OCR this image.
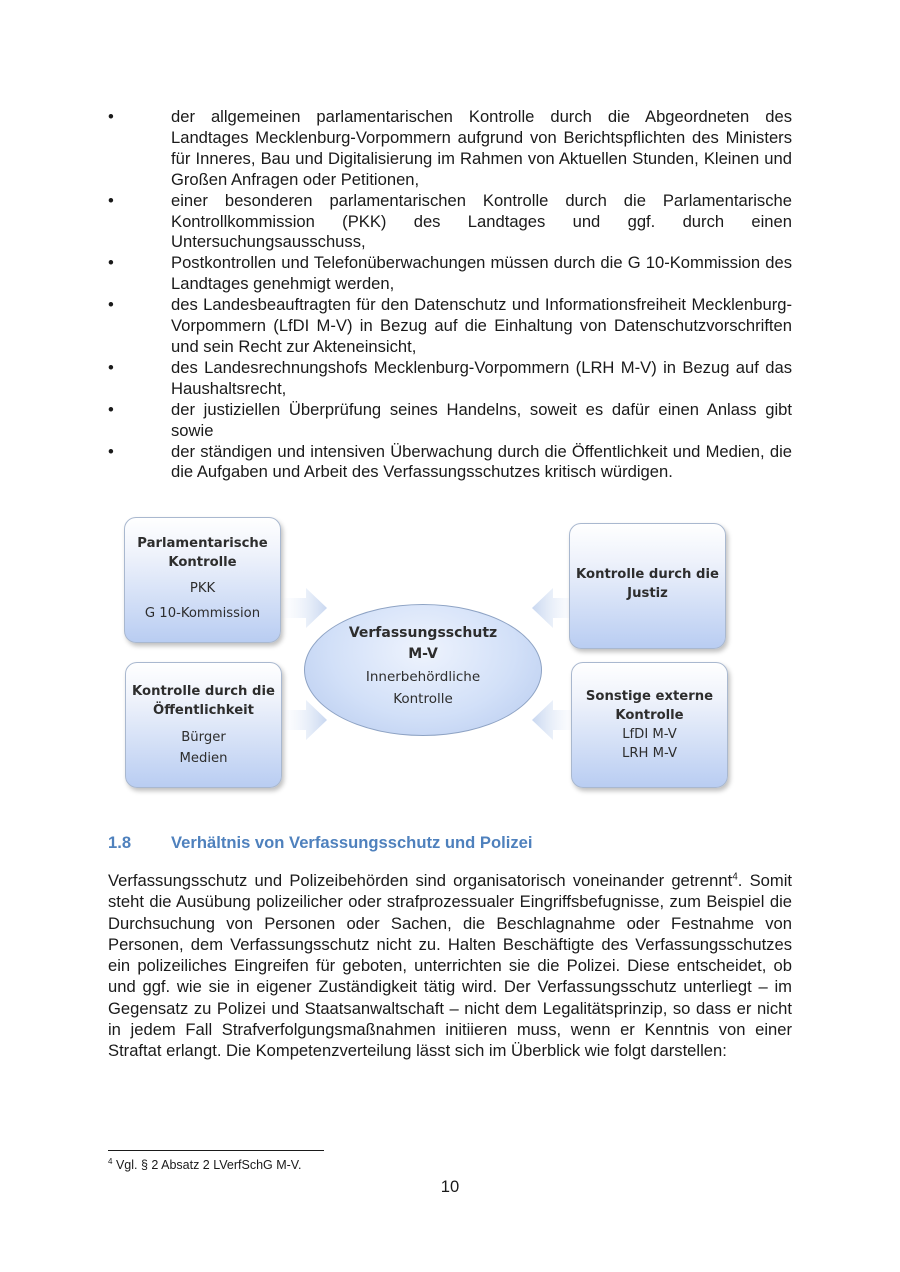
•	der allgemeinen parlamentarischen Kontrolle durch die Abgeordneten des Landtages Mecklenburg-Vorpommern aufgrund von Berichtspflichten des Ministers für Inneres, Bau und Digitalisierung im Rahmen von Aktuellen Stunden, Kleinen und Großen Anfragen oder Petitionen,
•	einer besonderen parlamentarischen Kontrolle durch die Parlamentarische Kontrollkommission (PKK) des Landtages und ggf. durch einen Untersuchungsausschuss,
•	Postkontrollen und Telefonüberwachungen müssen durch die G 10-Kommission des Landtages genehmigt werden,
•	des Landesbeauftragten für den Datenschutz und Informationsfreiheit Mecklenburg-Vorpommern (LfDI M-V) in Bezug auf die Einhaltung von Datenschutzvorschriften und sein Recht zur Akteneinsicht,
•	des Landesrechnungshofs Mecklenburg-Vorpommern (LRH M-V) in Bezug auf das Haushaltsrecht,
•	der justiziellen Überprüfung seines Handelns, soweit es dafür einen Anlass gibt sowie
•	der ständigen und intensiven Überwachung durch die Öffentlichkeit und Medien, die die Aufgaben und Arbeit des Verfassungsschutzes kritisch würdigen.
Parlamentarische
Kontrolle
PKK
G 10-Kommission
Kontrolle durch die
Justiz
Verfassungsschutz
M-V
Innerbehördliche
Kontrolle
Kontrolle durch die
Öffentlichkeit
Bürger
Medien
Sonstige externe
Kontrolle
LfDI M-V
LRH M-V
1.8 Verhältnis von Verfassungsschutz und Polizei

Verfassungsschutz und Polizeibehörden sind organisatorisch voneinander getrennt$^4$. Somit steht die Ausübung polizeilicher oder strafprozessualer Eingriffsbefugnisse, zum Beispiel die Durchsuchung von Personen oder Sachen, die Beschlagnahme oder Festnahme von Personen, dem Verfassungsschutz nicht zu. Halten Beschäftigte des Verfassungsschutzes ein polizeiliches Eingreifen für geboten, unterrichten sie die Polizei. Diese entscheidet, ob und ggf. wie sie in eigener Zuständigkeit tätig wird. Der Verfassungsschutz unterliegt – im Gegensatz zu Polizei und Staatsanwaltschaft – nicht dem Legalitätsprinzip, so dass er nicht in jedem Fall Strafverfolgungsmaßnahmen initiieren muss, wenn er Kenntnis von einer Straftat erlangt. Die Kompetenzverteilung lässt sich im Überblick wie folgt darstellen:

$^4$ Vgl. § 2 Absatz 2 LVerfSchG M-V.
10
